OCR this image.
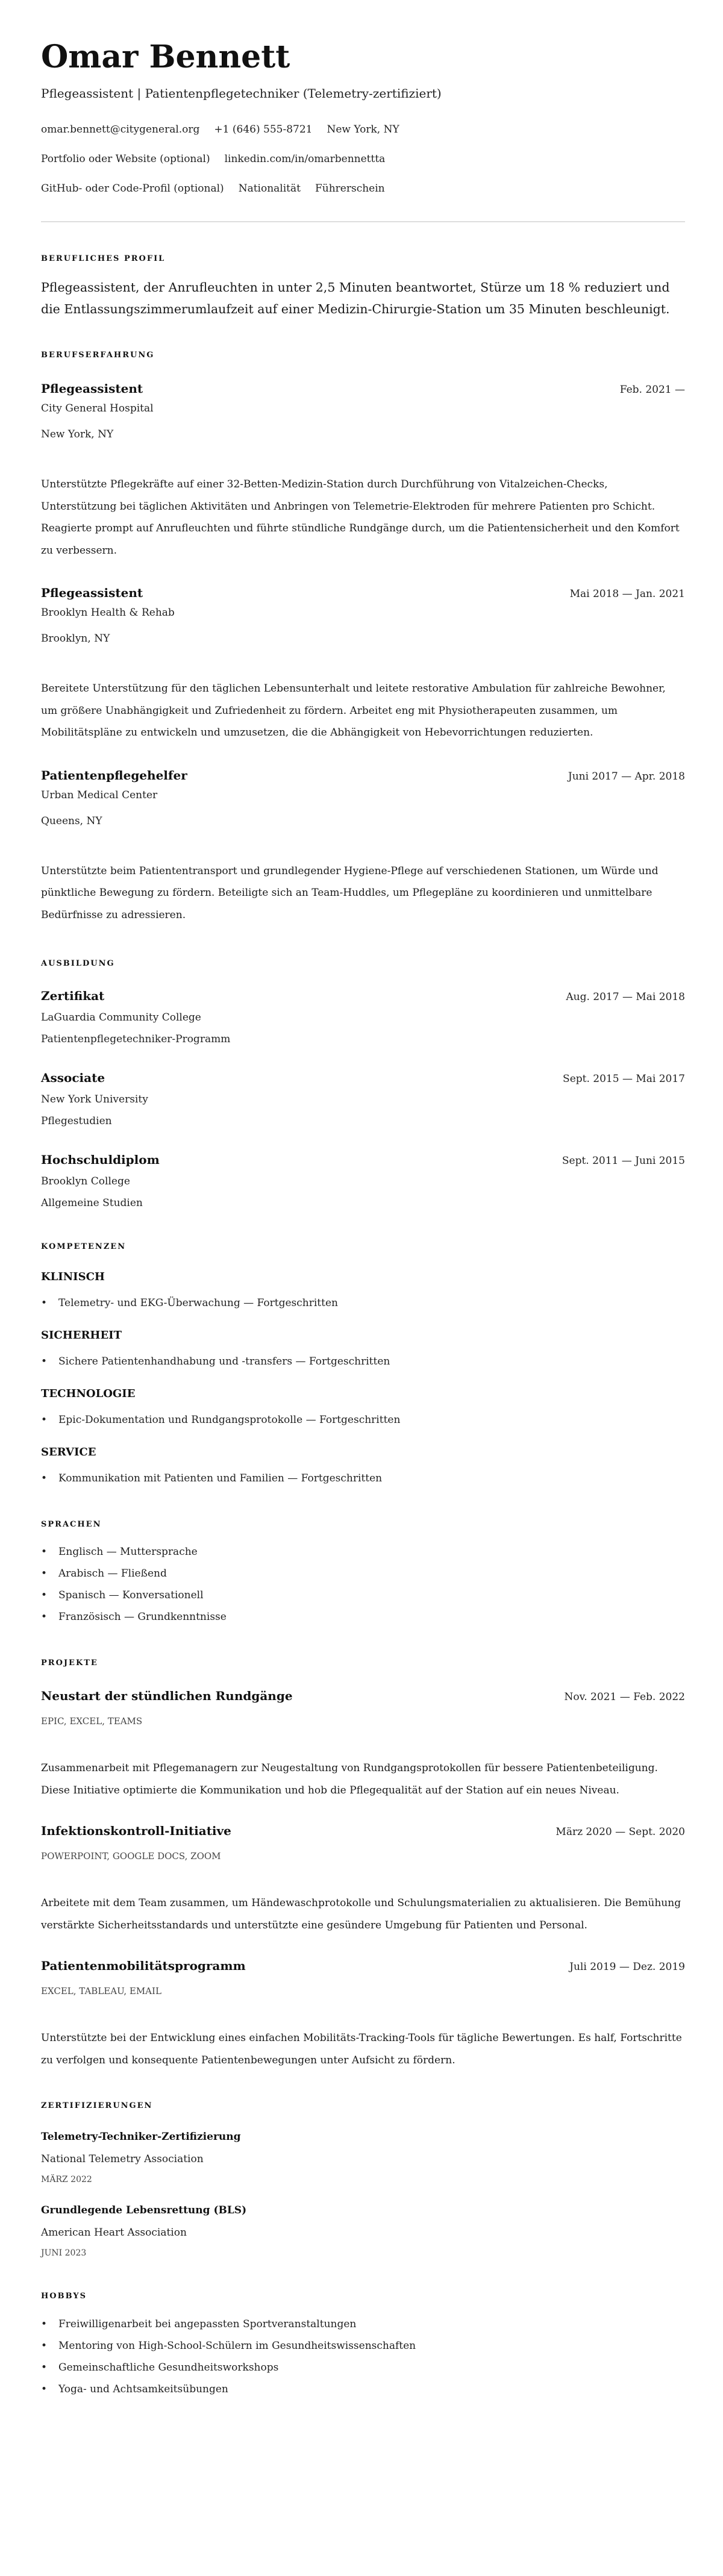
Omar Bennett
Pflegeassistent | Patientenpflegetechniker (Telemetry-zertifiziert)
omar.bennett@citygeneral.org +1 (646) 555-8721 New York, NY
Portfolio oder Website (optional) linkedin.com/in/omarbennettta
GitHub- oder Code-Profil (optional) Nationalität Führerschein
BERUFLICHES PROFIL
Pflegeassistent, der Anrufleuchten in unter 2,5 Minuten beantwortet, Stürze um 18 % reduziert und die Entlassungszimmerumlaufzeit auf einer Medizin-Chirurgie-Station um 35 Minuten beschleunigt.
BERUFSERFAHRUNG
Pflegeassistent	Feb. 2021 —
City General Hospital
New York, NY
Unterstützte Pflegekräfte auf einer 32-Betten-Medizin-Station durch Durchführung von Vitalzeichen-Checks, Unterstützung bei täglichen Aktivitäten und Anbringen von Telemetrie-Elektroden für mehrere Patienten pro Schicht. Reagierte prompt auf Anrufleuchten und führte stündliche Rundgänge durch, um die Patientensicherheit und den Komfort zu verbessern.
Pflegeassistent	Mai 2018 — Jan. 2021
Brooklyn Health & Rehab
Brooklyn, NY
Bereitete Unterstützung für den täglichen Lebensunterhalt und leitete restorative Ambulation für zahlreiche Bewohner, um größere Unabhängigkeit und Zufriedenheit zu fördern. Arbeitet eng mit Physiotherapeuten zusammen, um Mobilitätspläne zu entwickeln und umzusetzen, die die Abhängigkeit von Hebevorrichtungen reduzierten.
Patientenpflegehelfer	Juni 2017 — Apr. 2018
Urban Medical Center
Queens, NY
Unterstützte beim Patiententransport und grundlegender Hygiene-Pflege auf verschiedenen Stationen, um Würde und pünktliche Bewegung zu fördern. Beteiligte sich an Team-Huddles, um Pflegepläne zu koordinieren und unmittelbare Bedürfnisse zu adressieren.
AUSBILDUNG
Zertifikat	Aug. 2017 — Mai 2018
LaGuardia Community College
Patientenpflegetechniker-Programm
Associate	Sept. 2015 — Mai 2017
New York University
Pflegestudien
Hochschuldiplom	Sept. 2011 — Juni 2015
Brooklyn College
Allgemeine Studien
KOMPETENZEN
KLINISCH
• Telemetry- und EKG-Überwachung — Fortgeschritten
SICHERHEIT
• Sichere Patientenhandhabung und -transfers — Fortgeschritten
TECHNOLOGIE
• Epic-Dokumentation und Rundgangsprotokolle — Fortgeschritten
SERVICE
• Kommunikation mit Patienten und Familien — Fortgeschritten
SPRACHEN
• Englisch — Muttersprache
• Arabisch — Fließend
• Spanisch — Konversationell
• Französisch — Grundkenntnisse
PROJEKTE
Neustart der stündlichen Rundgänge	Nov. 2021 — Feb. 2022
EPIC, EXCEL, TEAMS
Zusammenarbeit mit Pflegemanagern zur Neugestaltung von Rundgangsprotokollen für bessere Patientenbeteiligung. Diese Initiative optimierte die Kommunikation und hob die Pflegequalität auf der Station auf ein neues Niveau.
Infektionskontroll-Initiative	März 2020 — Sept. 2020
POWERPOINT, GOOGLE DOCS, ZOOM
Arbeitete mit dem Team zusammen, um Händewaschprotokolle und Schulungsmaterialien zu aktualisieren. Die Bemühung verstärkte Sicherheitsstandards und unterstützte eine gesündere Umgebung für Patienten und Personal.
Patientenmobilitätsprogramm	Juli 2019 — Dez. 2019
EXCEL, TABLEAU, EMAIL
Unterstützte bei der Entwicklung eines einfachen Mobilitäts-Tracking-Tools für tägliche Bewertungen. Es half, Fortschritte zu verfolgen und konsequente Patientenbewegungen unter Aufsicht zu fördern.
ZERTIFIZIERUNGEN
Telemetry-Techniker-Zertifizierung
National Telemetry Association
MÄRZ 2022
Grundlegende Lebensrettung (BLS)
American Heart Association
JUNI 2023
HOBBYS
• Freiwilligenarbeit bei angepassten Sportveranstaltungen
• Mentoring von High-School-Schülern im Gesundheitswissenschaften
• Gemeinschaftliche Gesundheitsworkshops
• Yoga- und Achtsamkeitsübungen
